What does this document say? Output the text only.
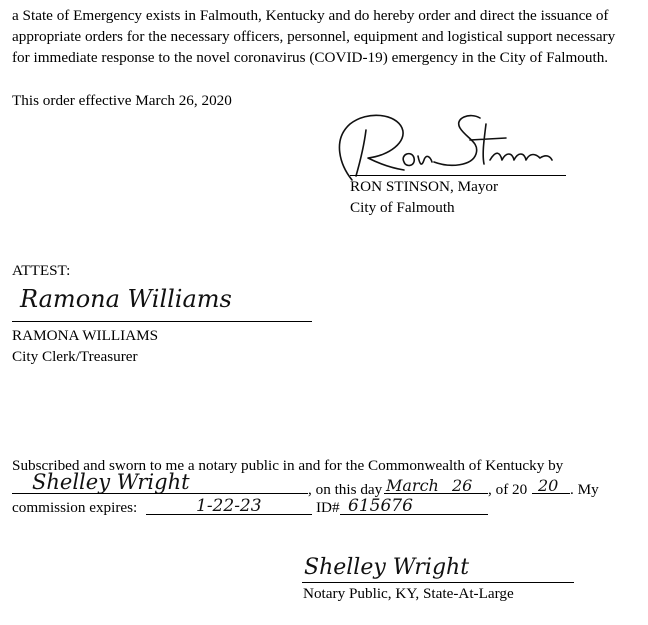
a State of Emergency exists in Falmouth, Kentucky and do hereby order and direct the issuance of
appropriate orders for the necessary officers, personnel, equipment and logistical support necessary
for immediate response to the novel coronavirus (COVID-19) emergency in the City of Falmouth.
This order effective March 26, 2020
RON STINSON, Mayor
City of Falmouth
ATTEST:
Ramona Williams
RAMONA WILLIAMS
City Clerk/Treasurer
Subscribed and sworn to me a notary public in and for the Commonwealth of Kentucky by
Shelley Wright	, on this day March 26 , of 20 20 . My
commission expires:	1-22-23	ID# 615676
Shelley Wright
Notary Public, KY, State-At-Large
